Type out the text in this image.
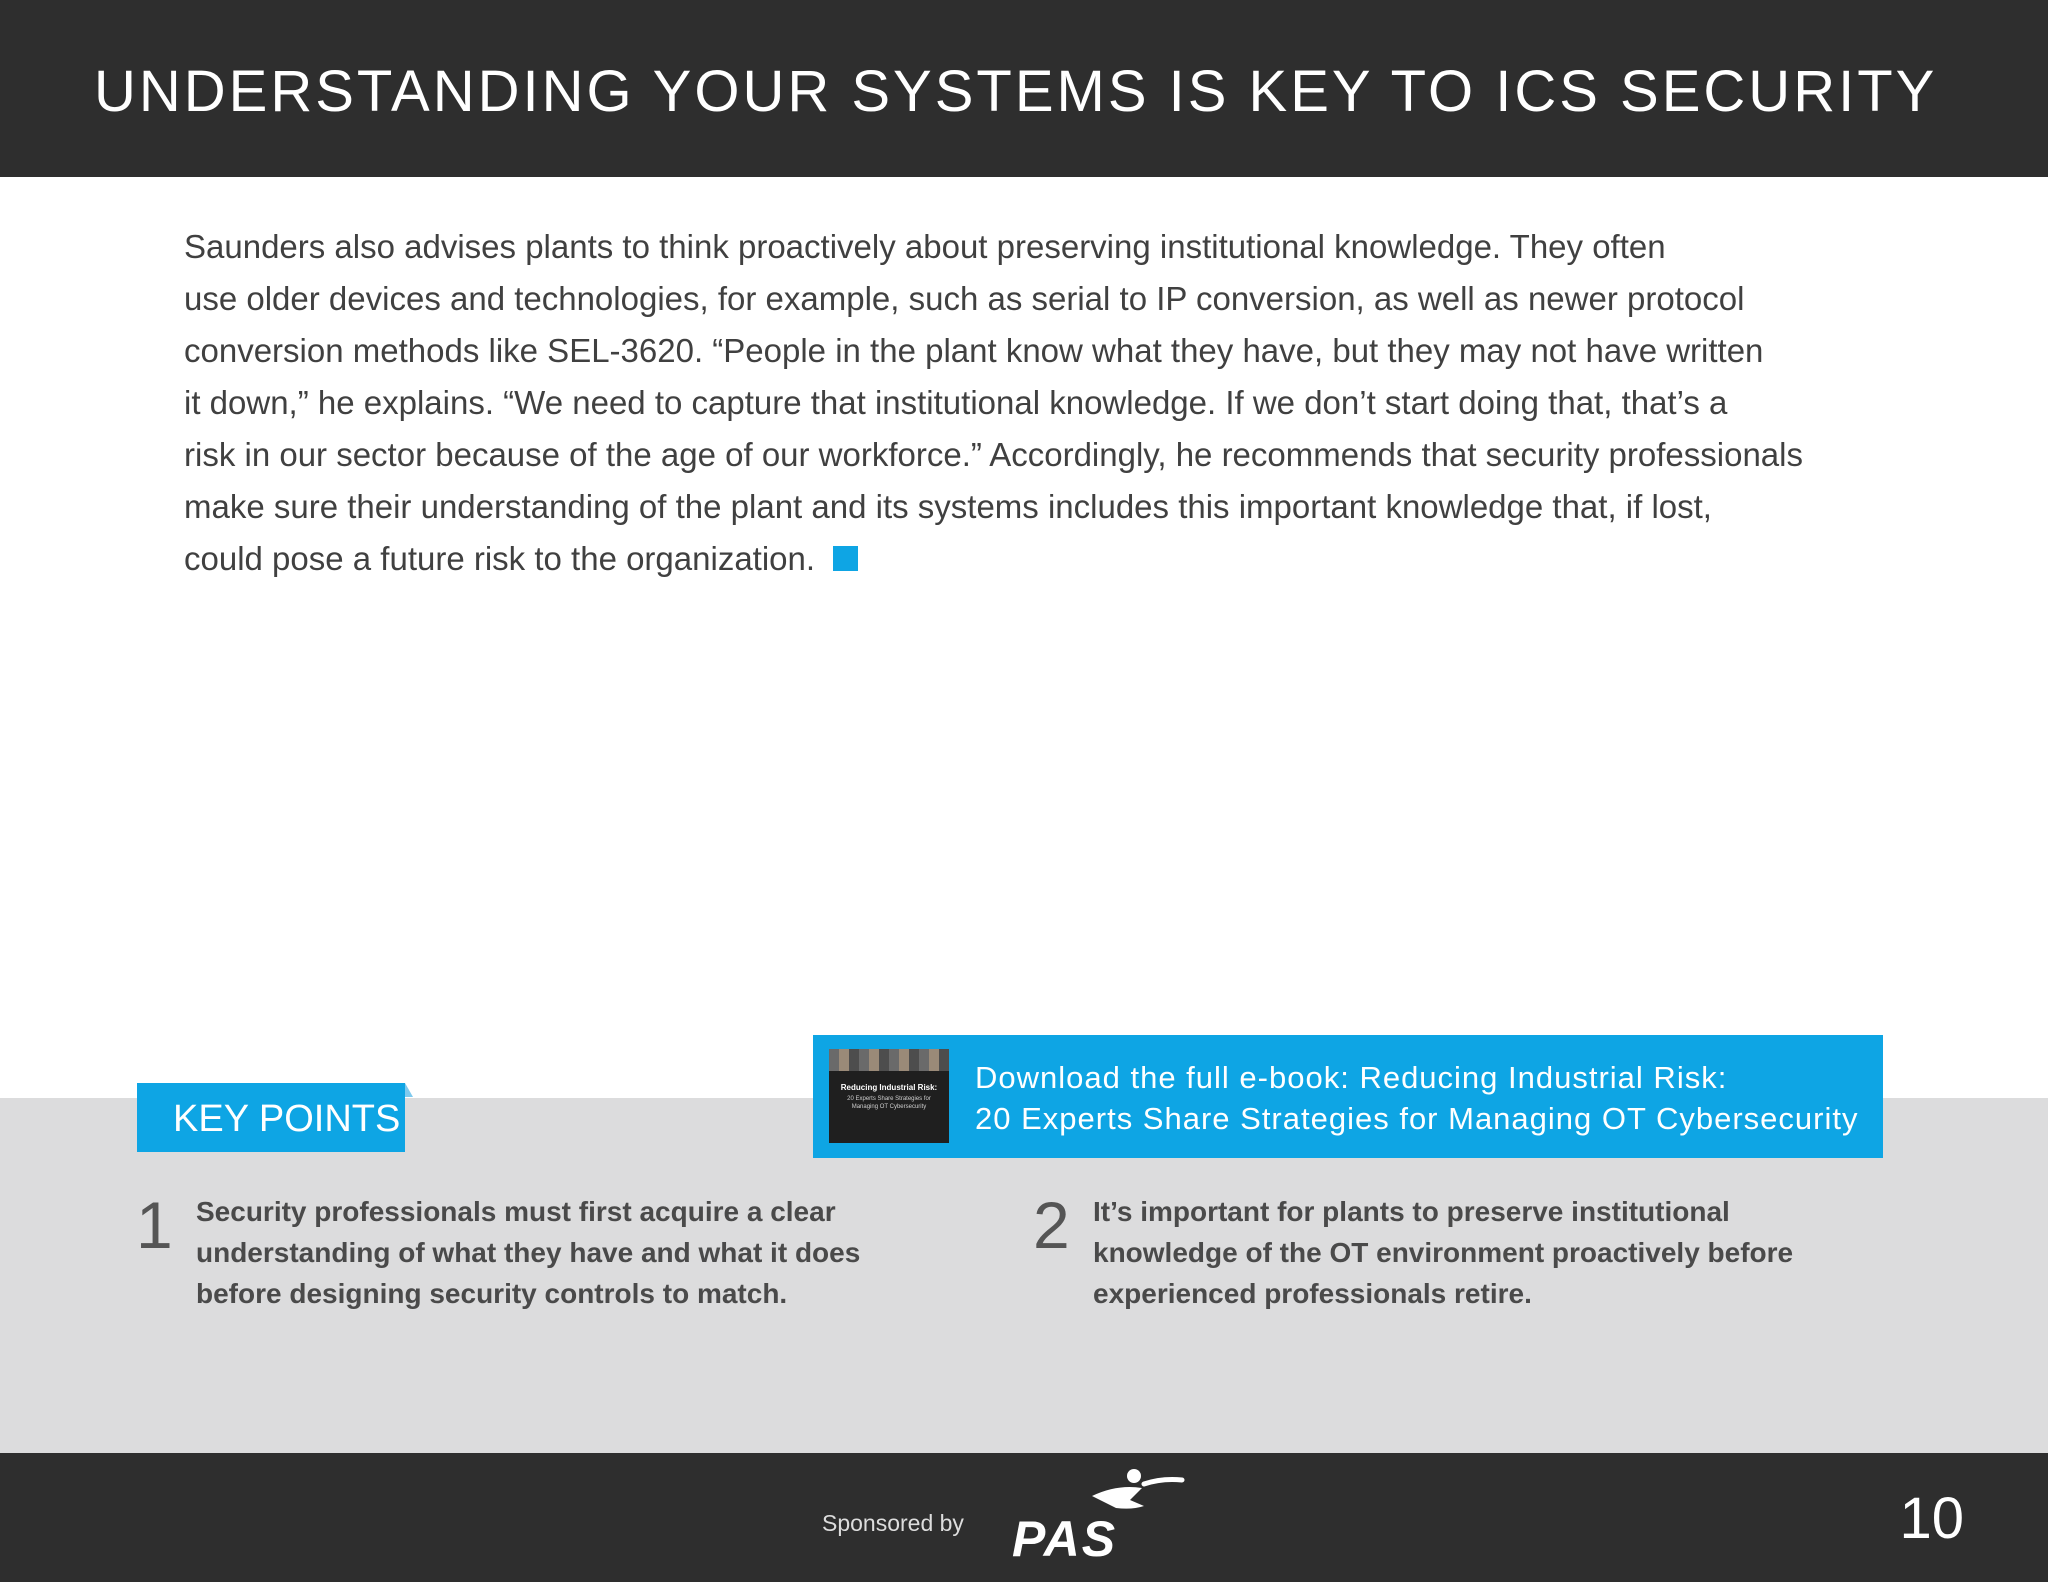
UNDERSTANDING YOUR SYSTEMS IS KEY TO ICS SECURITY
Saunders also advises plants to think proactively about preserving institutional knowledge. They often
use older devices and technologies, for example, such as serial to IP conversion, as well as newer protocol
conversion methods like SEL-3620. “People in the plant know what they have, but they may not have written
it down,” he explains. “We need to capture that institutional knowledge. If we don’t start doing that, that’s a
risk in our sector because of the age of our workforce.” Accordingly, he recommends that security professionals
make sure their understanding of the plant and its systems includes this important knowledge that, if lost,
could pose a future risk to the organization.
KEY POINTS
Reducing Industrial Risk:
20 Experts Share Strategies for
Managing OT Cybersecurity
Download the full e-book: Reducing Industrial Risk:
20 Experts Share Strategies for Managing OT Cybersecurity
1 Security professionals must first acquire a clear
understanding of what they have and what it does
before designing security controls to match.
2 It’s important for plants to preserve institutional
knowledge of the OT environment proactively before
experienced professionals retire.
Sponsored by PAS	10
